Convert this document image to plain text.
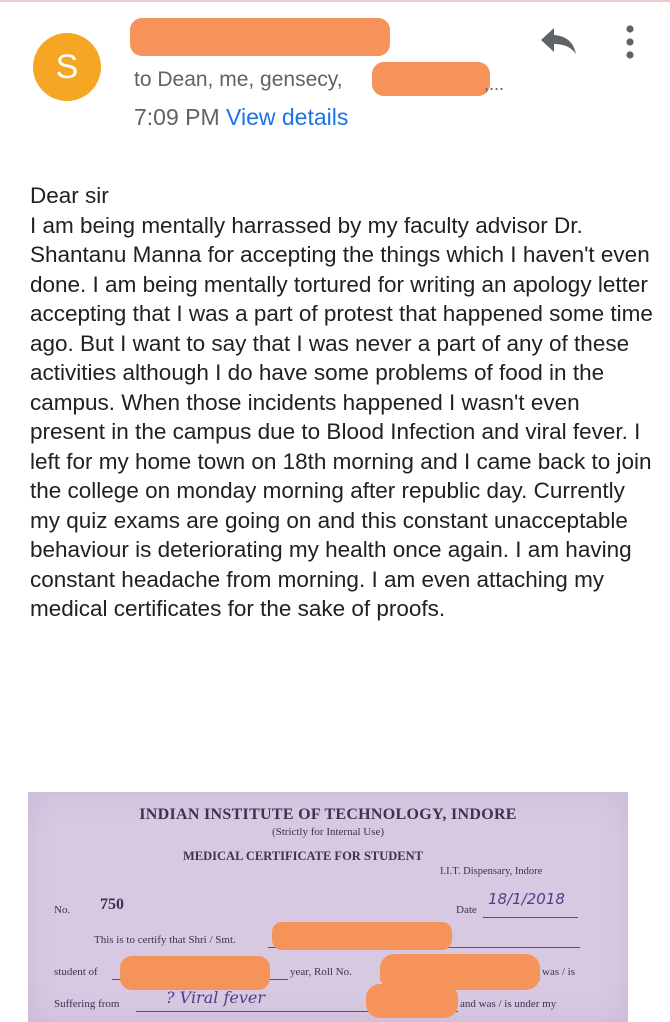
S	to Dean, me, gensecy,	,...
7:09 PM View details

Dear sir

I am being mentally harrassed by my faculty advisor Dr. Shantanu Manna for accepting the things which I haven't even done. I am being mentally tortured for writing an apology letter accepting that I was a part of protest that happened some time ago. But I want to say that I was never a part of any of these activities although I do have some problems of food in the campus. When those incidents happened I wasn't even present in the campus due to Blood Infection and viral fever. I left for my home town on 18th morning and I came back to join the college on monday morning after republic day. Currently my quiz exams are going on and this constant unacceptable behaviour is deteriorating my health once again. I am having constant headache from morning. I am even attaching my medical certificates for the sake of proofs.

INDIAN INSTITUTE OF TECHNOLOGY, INDORE
(Strictly for Internal Use)
MEDICAL CERTIFICATE FOR STUDENT
I.I.T. Dispensary, Indore
No. 750	Date
18/1/2018
This is to certify that Shri / Smt.
student of	year, Roll No.	was / is
Suffering from	? Viral fever	and was / is under my
